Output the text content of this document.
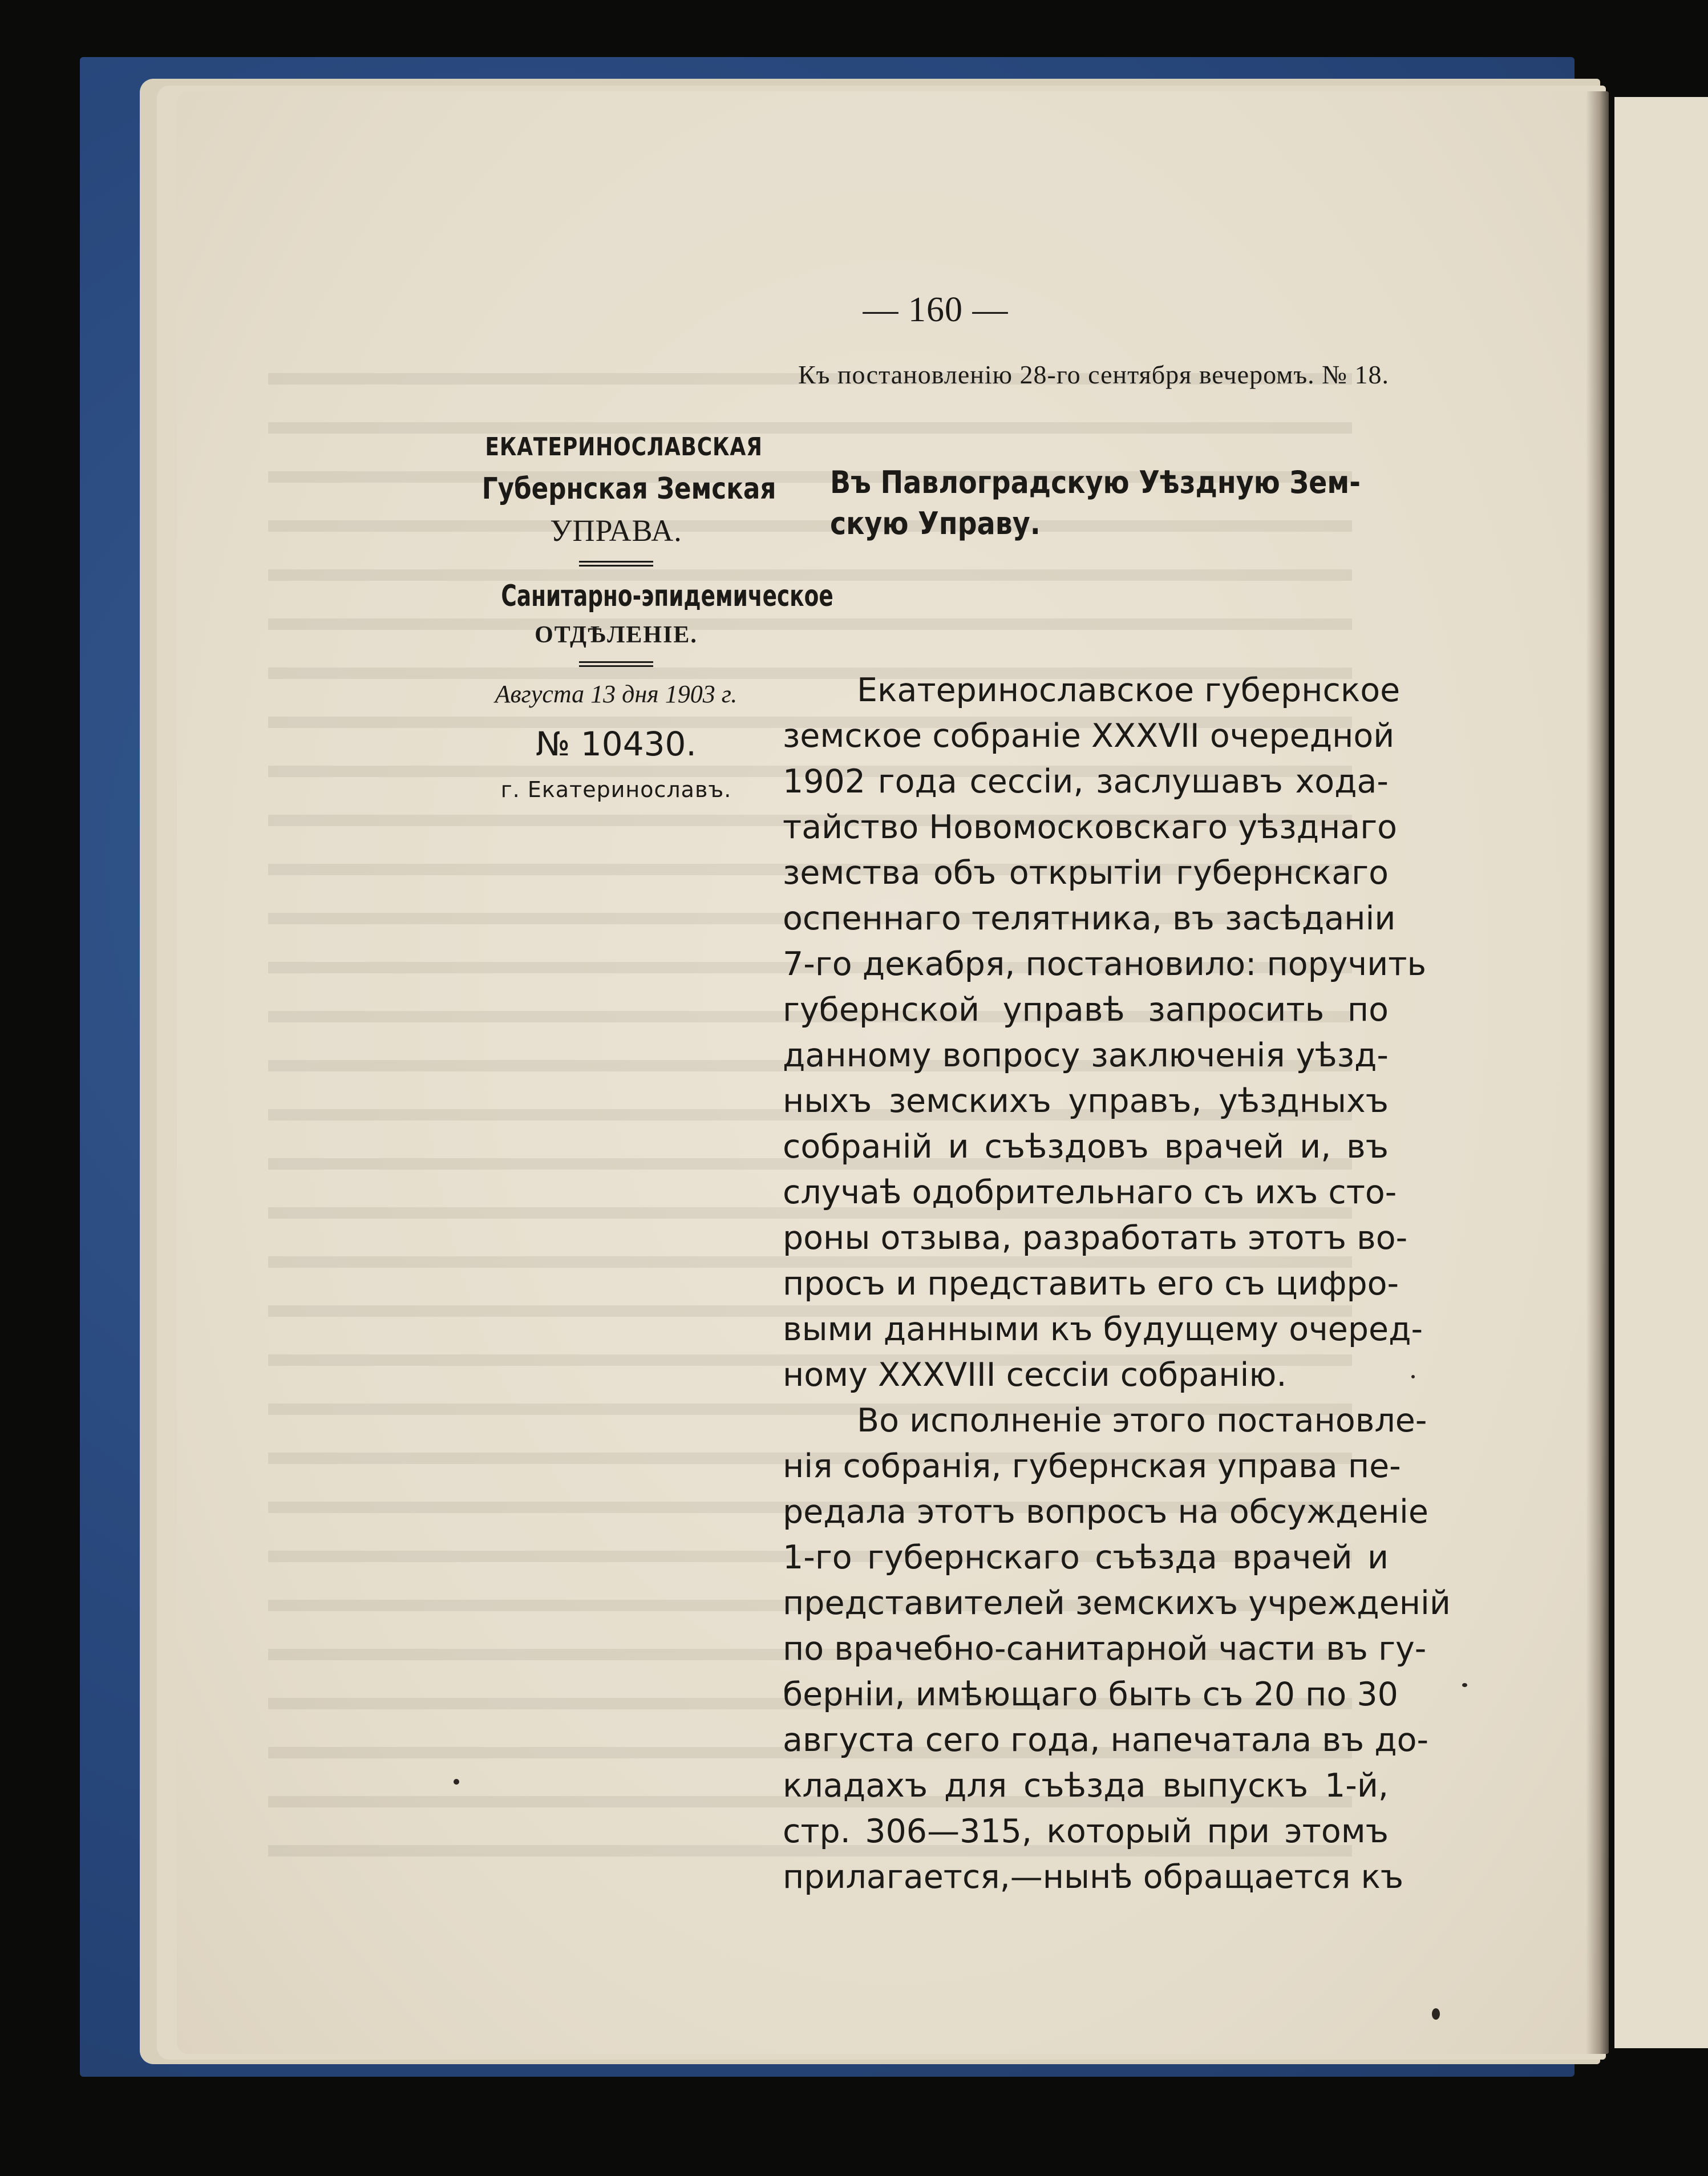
— 160 —
Къ постановленію 28-го сентября вечеромъ. № 18.
ЕКАТЕРИНОСЛАВСКАЯ
Губернская Земская
УПРАВА.
Санитарно-эпидемическое
ОТДѢЛЕНІЕ.
Августа 13 дня 1903 г.
№ 10430.
г. Екатеринославъ.
Въ Павлоградскую Уѣздную Зем-
скую Управу.
Екатеринославское губернское
земское собраніе XXXVII очередной
1902 года сессіи, заслушавъ хода-
тайство Новомосковскаго уѣзднаго
земства объ открытіи губернскаго
оспеннаго телятника, въ засѣданіи
7-го декабря, постановило: поручить
губернской управѣ запросить по
данному вопросу заключенія уѣзд-
ныхъ земскихъ управъ, уѣздныхъ
собраній и съѣздовъ врачей и, въ
случаѣ одобрительнаго съ ихъ сто-
роны отзыва, разработать этотъ во-
просъ и представить его съ цифро-
выми данными къ будущему очеред-
ному XXXVIII сессіи собранію.
Во исполненіе этого постановле-
нія собранія, губернская управа пе-
редала этотъ вопросъ на обсужденіе
1-го губернскаго съѣзда врачей и
представителей земскихъ учрежденій
по врачебно-санитарной части въ гу-
берніи, имѣющаго быть съ 20 по 30
августа сего года, напечатала въ до-
кладахъ для съѣзда выпускъ 1-й,
стр. 306—315, который при этомъ
прилагается,—нынѣ обращается къ
